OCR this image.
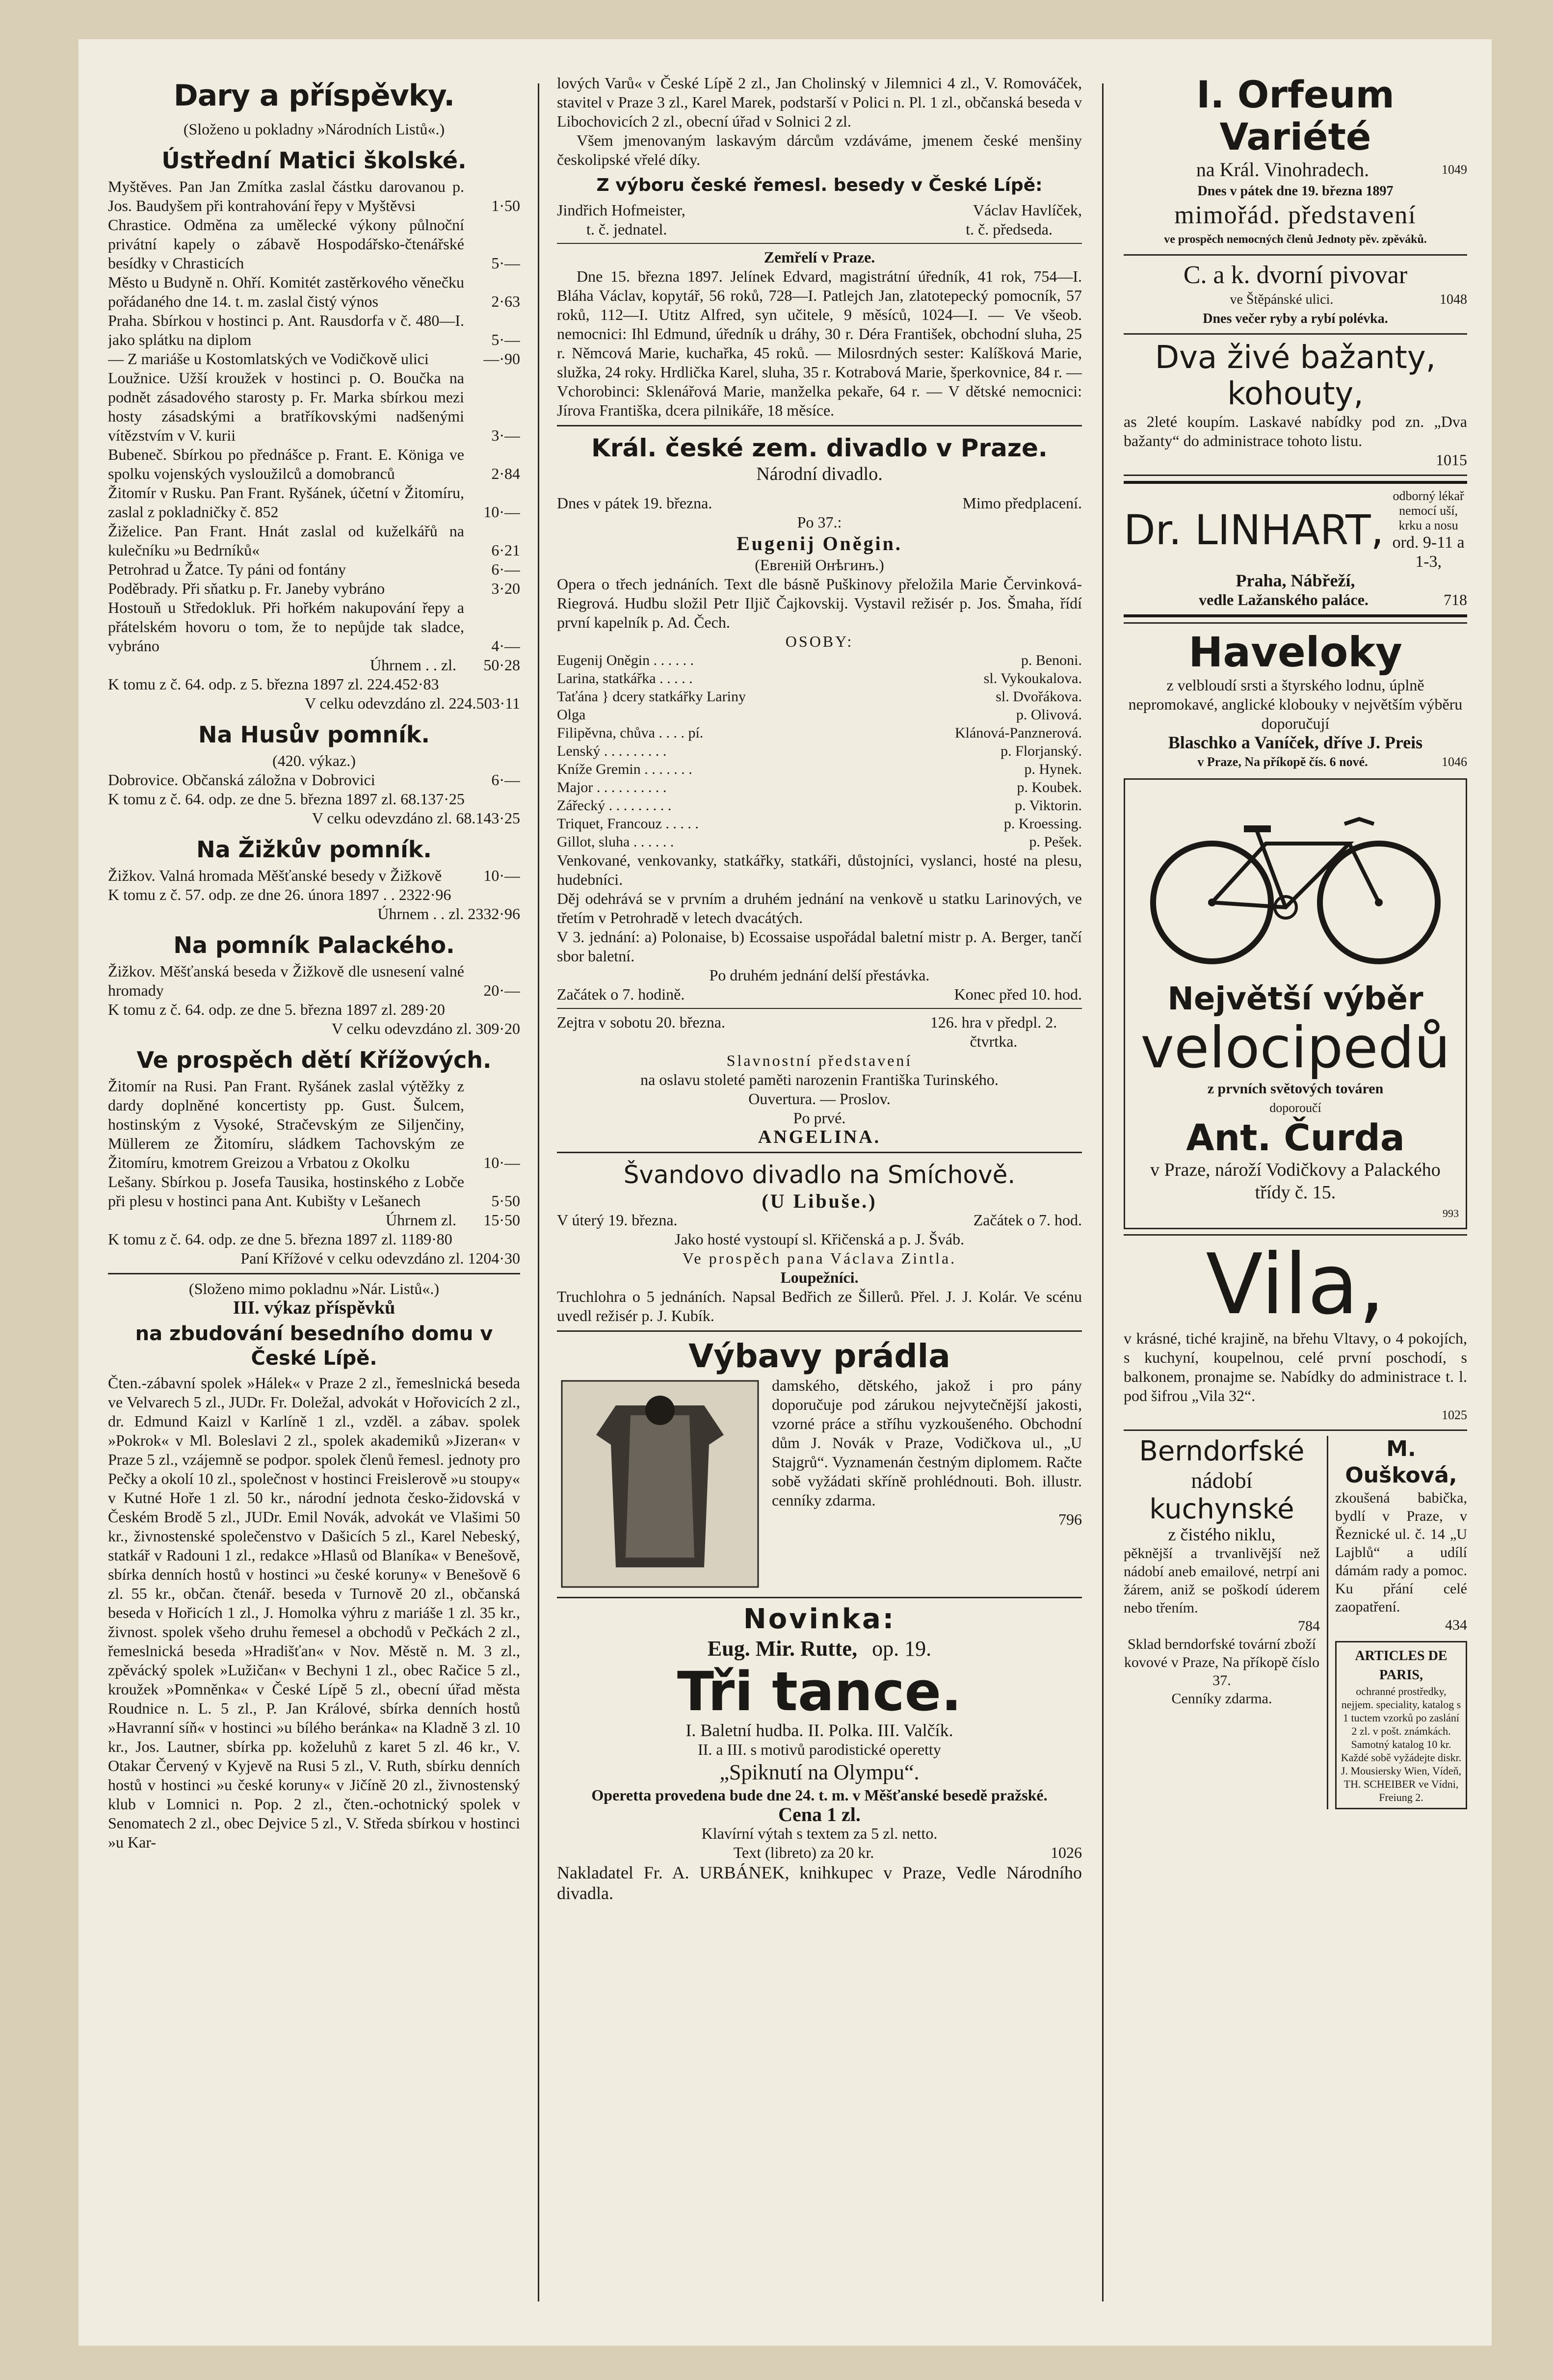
Dary a příspěvky.

(Složeno u pokladny »Národních Listů«.)

Ústřední Matici školské.
Myštěves. Pan Jan Zmítka zaslal částku darovanou p. Jos. Baudyšem při kontrahování řepy v Myštěvsi	1·50
Chrastice. Odměna za umělecké výkony půlnoční privátní kapely o zábavě Hospodářsko-čtenářské besídky v Chrasticích	5·—
Město u Budyně n. Ohří. Komitét zastěrkového věnečku pořádaného dne 14. t. m. zaslal čistý výnos	2·63
Praha. Sbírkou v hostinci p. Ant. Rausdorfa v č. 480—I. jako splátku na diplom	5·—
— Z mariáše u Kostomlatských ve Vodičkově ulici	—·90
Loužnice. Užší kroužek v hostinci p. O. Boučka na podnět zásadového starosty p. Fr. Marka sbírkou mezi hosty zásadskými a bratříkovskými nadšenými vítězstvím v V. kurii	3·—
Bubeneč. Sbírkou po přednášce p. Frant. E. Königa ve spolku vojenských vysloužilců a domobranců	2·84
Žitomír v Rusku. Pan Frant. Ryšánek, účetní v Žitomíru, zaslal z pokladničky č. 852	10·—
Žiželice. Pan Frant. Hnát zaslal od kuželkářů na kulečníku »u Bedrníků«	6·21
Petrohrad u Žatce. Ty páni od fontány	6·—
Poděbrady. Při sňatku p. Fr. Janeby vybráno	3·20
Hostouň u Středokluk. Při hořkém nakupování řepy a přátelském hovoru o tom, že to nepůjde tak sladce, vybráno	4·—
Úhrnem . . zl.	50·28

K tomu z č. 64. odp. z 5. března 1897 zl. 224.452·83

V celku odevzdáno zl. 224.503·11

Na Husův pomník.

(420. výkaz.)

Dobrovice. Občanská záložna v Dobrovici	6·—

K tomu z č. 64. odp. ze dne 5. března 1897 zl. 68.137·25

V celku odevzdáno zl. 68.143·25

Na Žižkův pomník.
Žižkov. Valná hromada Měšťanské besedy v Žižkově	10·—

K tomu z č. 57. odp. ze dne 26. února 1897 . . 2322·96

Úhrnem . . zl. 2332·96

Na pomník Palackého.
Žižkov. Měšťanská beseda v Žižkově dle usnesení valné hromady	20·—

K tomu z č. 64. odp. ze dne 5. března 1897 zl. 289·20

V celku odevzdáno zl. 309·20

Ve prospěch dětí Křížových.
Žitomír na Rusi. Pan Frant. Ryšánek zaslal výtěžky z dardy doplněné koncertisty pp. Gust. Šulcem, hostinským z Vysoké, Stračevským ze Siljenčiny, Müllerem ze Žitomíru, sládkem Tachovským ze Žitomíru, kmotrem Greizou a Vrbatou z Okolku	10·—
Lešany. Sbírkou p. Josefa Tausika, hostinského z Lobče při plesu v hostinci pana Ant. Kubišty v Lešanech	5·50
Úhrnem zl.	15·50

K tomu z č. 64. odp. ze dne 5. března 1897 zl. 1189·80

Paní Křížové v celku odevzdáno zl. 1204·30

(Složeno mimo pokladnu »Nár. Listů«.)

III. výkaz příspěvků

na zbudování besedního domu v České Lípě.

Čten.-zábavní spolek »Hálek« v Praze 2 zl., řemeslnická beseda ve Velvarech 5 zl., JUDr. Fr. Doležal, advokát v Hořovicích 2 zl., dr. Edmund Kaizl v Karlíně 1 zl., vzděl. a zábav. spolek »Pokrok« v Ml. Boleslavi 2 zl., spolek akademiků »Jizeran« v Praze 5 zl., vzájemně se podpor. spolek členů řemesl. jednoty pro Pečky a okolí 10 zl., společnost v hostinci Freislerově »u stoupy« v Kutné Hoře 1 zl. 50 kr., národní jednota česko-židovská v Českém Brodě 5 zl., JUDr. Emil Novák, advokát ve Vlašimi 50 kr., živnostenské společenstvo v Dašicích 5 zl., Karel Nebeský, statkář v Radouni 1 zl., redakce »Hlasů od Blaníka« v Benešově, sbírka denních hostů v hostinci »u české koruny« v Benešově 6 zl. 55 kr., občan. čtenář. beseda v Turnově 20 zl., občanská beseda v Hořicích 1 zl., J. Homolka výhru z mariáše 1 zl. 35 kr., živnost. spolek všeho druhu řemesel a obchodů v Pečkách 2 zl., řemeslnická beseda »Hradišťan« v Nov. Městě n. M. 3 zl., zpěvácký spolek »Lužičan« v Bechyni 1 zl., obec Račice 5 zl., kroužek »Pomněnka« v České Lípě 5 zl., obecní úřad města Roudnice n. L. 5 zl., P. Jan Králové, sbírka denních hostů »Havranní síň« v hostinci »u bílého beránka« na Kladně 3 zl. 10 kr., Jos. Lautner, sbírka pp. koželuhů z karet 5 zl. 46 kr., V. Otakar Červený v Kyjevě na Rusi 5 zl., V. Ruth, sbírku denních hostů v hostinci »u české koruny« v Jičíně 20 zl., živnostenský klub v Lomnici n. Pop. 2 zl., čten.-ochotnický spolek v Senomatech 2 zl., obec Dejvice 5 zl., V. Středa sbírkou v hostinci »u Kar-

lových Varů« v České Lípě 2 zl., Jan Cholinský v Jilemnici 4 zl., V. Romováček, stavitel v Praze 3 zl., Karel Marek, podstarší v Polici n. Pl. 1 zl., občanská beseda v Libochovicích 2 zl., obecní úřad v Solnici 2 zl.

Všem jmenovaným laskavým dárcům vzdáváme, jmenem české menšiny českolipské vřelé díky.

Z výboru české řemesl. besedy v České Lípě:
Jindřich Hofmeister,	Václav Havlíček,
t. č. jednatel.	t. č. předseda.

Zemřelí v Praze.

Dne 15. března 1897. Jelínek Edvard, magistrátní úředník, 41 rok, 754—I. Bláha Václav, kopytář, 56 roků, 728—I. Patlejch Jan, zlatotepecký pomocník, 57 roků, 112—I. Utitz Alfred, syn učitele, 9 měsíců, 1024—I. — Ve všeob. nemocnici: Ihl Edmund, úředník u dráhy, 30 r. Déra František, obchodní sluha, 25 r. Němcová Marie, kuchařka, 45 roků. — Milosrdných sester: Kalíšková Marie, služka, 24 roky. Hrdlička Karel, sluha, 35 r. Kotrabová Marie, šperkovnice, 84 r. — Vchorobinci: Sklenářová Marie, manželka pekaře, 64 r. — V dětské nemocnici: Jírova Františka, dcera pilnikáře, 18 měsíce.

Král. české zem. divadlo v Praze.

Národní divadlo.

Dnes v pátek 19. března.	Mimo předplacení.

Po 37.:

Eugenij Oněgin.

(Евгеній Онѣгинъ.)

Opera o třech jednáních. Text dle básně Puškinovy přeložila Marie Červinková-Riegrová. Hudbu složil Petr Iljič Čajkovskij. Vystavil režisér p. Jos. Šmaha, řídí první kapelník p. Ad. Čech.

OSOBY:

Eugenij Oněgin . . . . . .	p. Benoni.
Larina, statkářka . . . . .	sl. Vykoukalova.
Taťána } dcery statkářky Lariny	sl. Dvořákova.
Olga	p. Olivová.
Filipěvna, chůva . . . . pí.	Klánová-Panznerová.
Lenský . . . . . . . . .	p. Florjanský.
Kníže Gremin . . . . . . .	p. Hynek.
Major . . . . . . . . . .	p. Koubek.
Zářecký . . . . . . . . .	p. Viktorin.
Triquet, Francouz . . . . .	p. Kroessing.
Gillot, sluha . . . . . .	p. Pešek.

Venkované, venkovanky, statkářky, statkáři, důstojníci, vyslanci, hosté na plesu, hudebníci.

Děj odehrává se v prvním a druhém jednání na venkově u statku Larinových, ve třetím v Petrohradě v letech dvacátých.

V 3. jednání: a) Polonaise, b) Ecossaise uspořádal baletní mistr p. A. Berger, tančí sbor baletní.

Po druhém jednání delší přestávka.

Začátek o 7. hodině.	Konec před 10. hod.
Zejtra v sobotu 20. března.	126. hra v předpl. 2. čtvrtka.

Slavnostní představení

na oslavu stoleté paměti narozenin Františka Turinského.

Ouvertura. — Proslov.

Po prvé.

ANGELINA.

Švandovo divadlo na Smíchově.

(U Libuše.)

V úterý 19. března.	Začátek o 7. hod.

Jako hosté vystoupí sl. Křičenská a p. J. Šváb.

Ve prospěch pana Václava Zintla.

Loupežníci.

Truchlohra o 5 jednáních. Napsal Bedřich ze Šillerů. Přel. J. J. Kolár. Ve scénu uvedl režisér p. J. Kubík.

Výbavy prádla

damského, dětského, jakož i pro pány doporučuje pod zárukou nejvytečnější jakosti, vzorné práce a stříhu vyzkoušeného. Obchodní dům J. Novák v Praze, Vodičkova ul., „U Stajgrů“. Vyznamenán čestným diplomem. Račte sobě vyžádati skříně prohlédnouti. Boh. illustr. cenníky zdarma.

796

Novinka:
Eug. Mir. Rutte, op. 19.
Tři tance.

I. Baletní hudba. II. Polka. III. Valčík.

II. a III. s motivů parodistické operetty

„Spiknutí na Olympu“.

Operetta provedena bude dne 24. t. m. v Měšťanské besedě pražské.

Cena 1 zl.

Klavírní výtah s textem za 5 zl. netto.

Text (libreto) za 20 kr.	1026

Nakladatel Fr. A. URBÁNEK, knihkupec v Praze, Vedle Národního divadla.

I. Orfeum Variété
na Král. Vinohradech.	1049

Dnes v pátek dne 19. března 1897

mimořád. představení

ve prospěch nemocných členů Jednoty pěv. zpěváků.

C. a k. dvorní pivovar

ve Štěpánské ulici.	1048

Dnes večer ryby a rybí polévka.

Dva živé bažanty, kohouty,

as 2leté koupím. Laskavé nabídky pod zn. „Dva bažanty“ do administrace tohoto listu.

1015

Dr. LINHART,

odborný lékař nemocí uší, krku a nosu

ord. 9-11 a 1-3,

Praha, Nábřeží,

vedle Lažanského paláce.	718
Haveloky

z velbloudí srsti a štyrského lodnu, úplně nepromokavé, anglické klobouky v největším výběru doporučují

Blaschko a Vaníček, dříve J. Preis

v Praze, Na příkopě čís. 6 nové.	1046
Největší výběr
velocipedů

z prvních světových továren

doporoučí

Ant. Čurda

v Praze, nároží Vodičkovy a Palackého třídy č. 15.

993

Vila,

v krásné, tiché krajině, na břehu Vltavy, o 4 pokojích, s kuchyní, koupelnou, celé první poschodí, s balkonem, pronajme se. Nabídky do administrace t. l. pod šifrou „Vila 32“.

1025

Berndorfské

nádobí

kuchynské

z čistého niklu,

pěknější a trvanlivější než nádobí aneb emailové, netrpí ani žárem, aniž se poškodí úderem nebo třením.

784

Sklad berndorfské tovární zboží kovové v Praze, Na příkopě číslo 37.

Cenníky zdarma.

M. Oušková,

zkoušená babička, bydlí v Praze, v Řeznické ul. č. 14 „U Lajblů“ a udílí dámám rady a pomoc. Ku přání celé zaopatření.

434

ARTICLES DE PARIS,

ochranné prostředky, nejjem. speciality, katalog s 1 tuctem vzorků po zaslání 2 zl. v pošt. známkách. Samotný katalog 10 kr. Každé sobě vyžádejte diskr. J. Mousiersky Wien, Vídeň, TH. SCHEIBER ve Vídni, Freiung 2.
